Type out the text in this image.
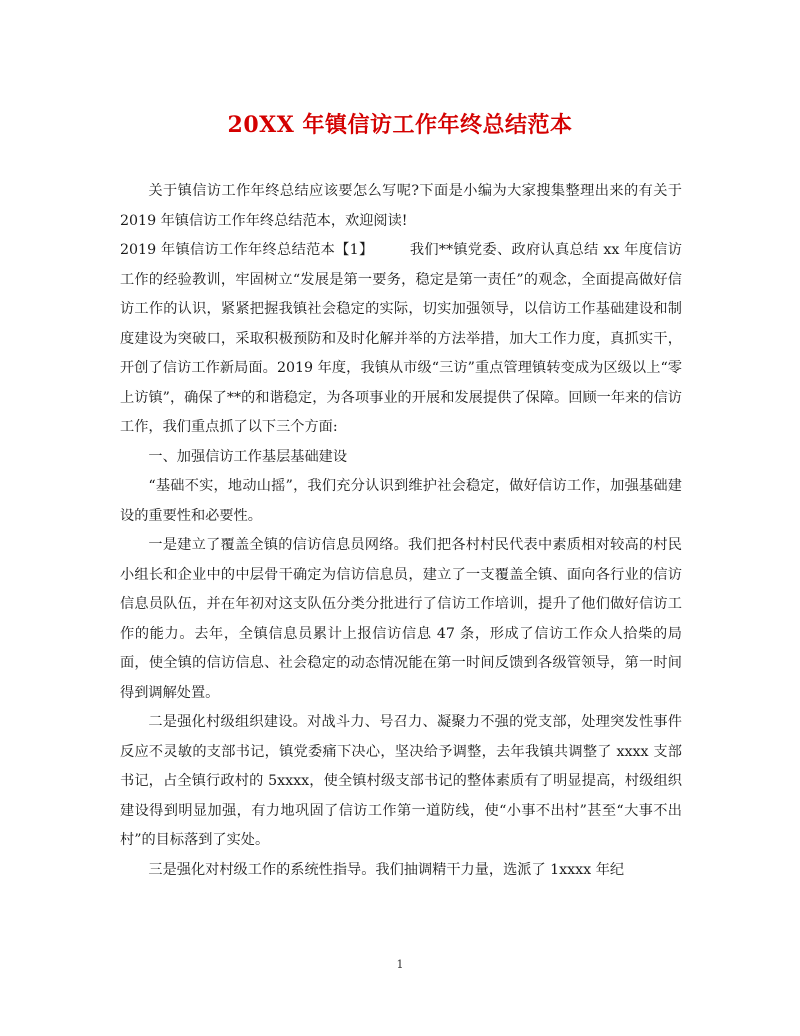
20XX 年镇信访工作年终总结范本

关于镇信访工作年终总结应该要怎么写呢?下面是小编为大家搜集整理出来的有关于 2019 年镇信访工作年终总结范本，欢迎阅读!

2019 年镇信访工作年终总结范本【1】	我们**镇党委、政府认真总结 xx 年度信访工作的经验教训，牢固树立“发展是第一要务，稳定是第一责任”的观念，全面提高做好信访工作的认识，紧紧把握我镇社会稳定的实际，切实加强领导，以信访工作基础建设和制度建设为突破口，采取积极预防和及时化解并举的方法举措，加大工作力度，真抓实干，开创了信访工作新局面。2019 年度，我镇从市级“三访”重点管理镇转变成为区级以上“零上访镇”，确保了**的和谐稳定，为各项事业的开展和发展提供了保障。回顾一年来的信访工作，我们重点抓了以下三个方面:

一、加强信访工作基层基础建设

“基础不实，地动山摇”，我们充分认识到维护社会稳定，做好信访工作，加强基础建设的重要性和必要性。

一是建立了覆盖全镇的信访信息员网络。我们把各村村民代表中素质相对较高的村民小组长和企业中的中层骨干确定为信访信息员，建立了一支覆盖全镇、面向各行业的信访信息员队伍，并在年初对这支队伍分类分批进行了信访工作培训，提升了他们做好信访工作的能力。去年，全镇信息员累计上报信访信息 47 条，形成了信访工作众人拾柴的局面，使全镇的信访信息、社会稳定的动态情况能在第一时间反馈到各级管领导，第一时间得到调解处置。

二是强化村级组织建设。对战斗力、号召力、凝聚力不强的党支部，处理突发性事件反应不灵敏的支部书记，镇党委痛下决心，坚决给予调整，去年我镇共调整了 xxxx 支部书记，占全镇行政村的 5xxxx，使全镇村级支部书记的整体素质有了明显提高，村级组织建设得到明显加强，有力地巩固了信访工作第一道防线，使“小事不出村”甚至“大事不出村”的目标落到了实处。

三是强化对村级工作的系统性指导。我们抽调精干力量，选派了 1xxxx 年纪

1
